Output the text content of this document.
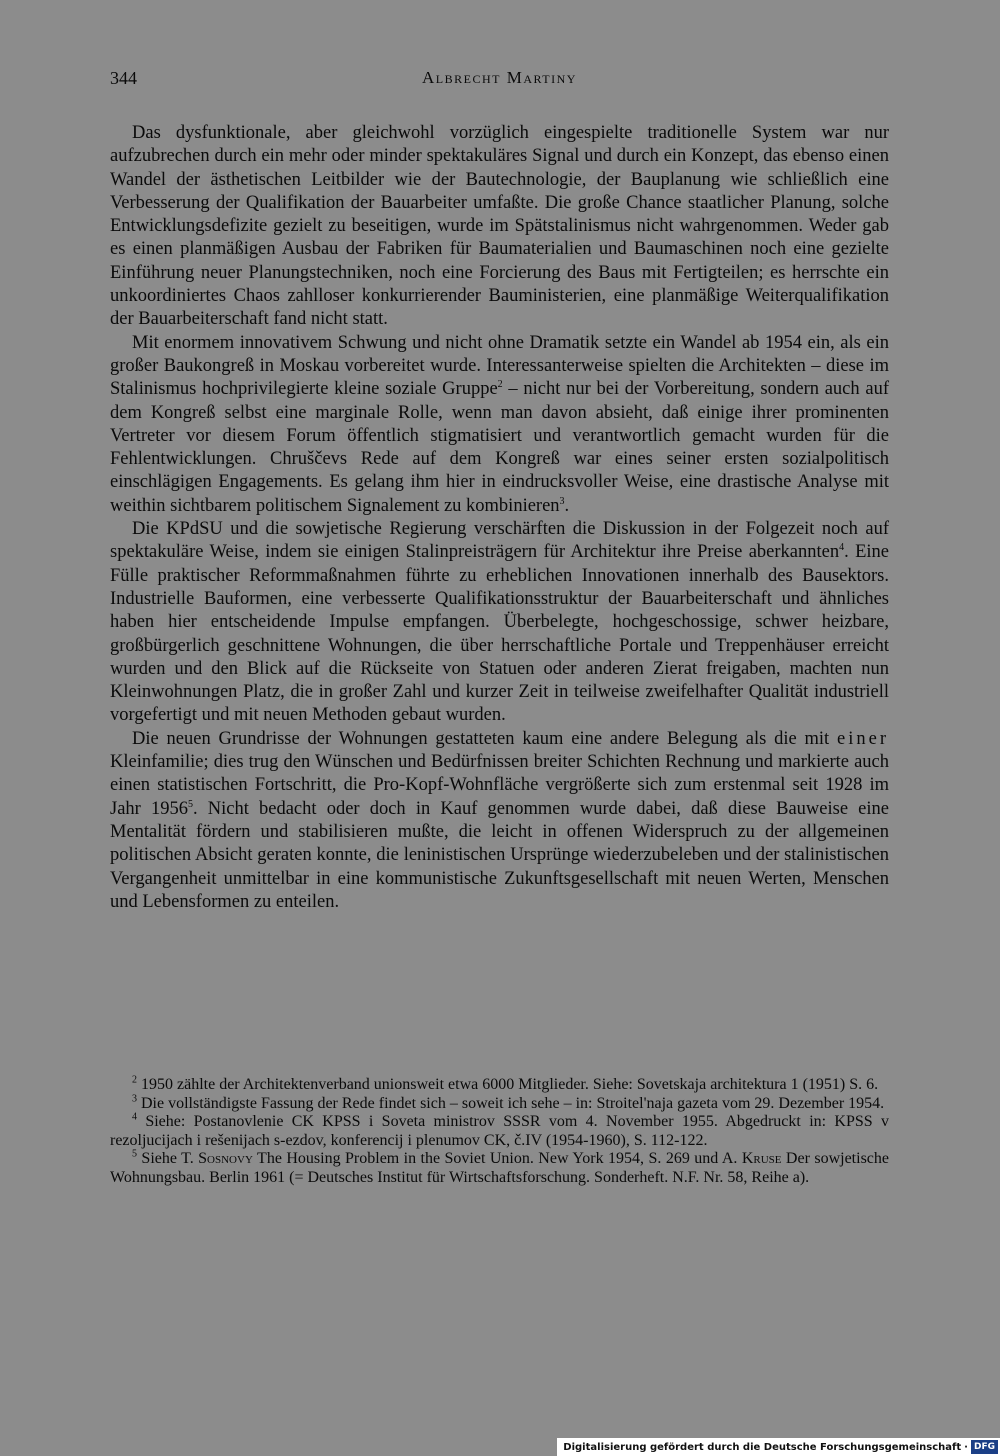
344	Albrecht Martiny

Das dysfunktionale, aber gleichwohl vorzüglich eingespielte traditionelle System war nur aufzubrechen durch ein mehr oder minder spektakuläres Signal und durch ein Konzept, das ebenso einen Wandel der ästhetischen Leitbilder wie der Bautechnologie, der Bauplanung wie schließlich eine Verbesserung der Qualifikation der Bauarbeiter umfaßte. Die große Chance staatlicher Planung, solche Entwicklungsdefizite gezielt zu beseitigen, wurde im Spätstalinismus nicht wahrgenommen. Weder gab es einen planmäßigen Ausbau der Fabriken für Baumaterialien und Baumaschinen noch eine gezielte Einführung neuer Planungstechniken, noch eine Forcierung des Baus mit Fertigteilen; es herrschte ein unkoordiniertes Chaos zahlloser konkurrierender Bauministerien, eine planmäßige Weiterqualifikation der Bauarbeiterschaft fand nicht statt.

Mit enormem innovativem Schwung und nicht ohne Dramatik setzte ein Wandel ab 1954 ein, als ein großer Baukongreß in Moskau vorbereitet wurde. Interessanterweise spielten die Architekten – diese im Stalinismus hochprivilegierte kleine soziale Gruppe$^2$ – nicht nur bei der Vorbereitung, sondern auch auf dem Kongreß selbst eine marginale Rolle, wenn man davon absieht, daß einige ihrer prominenten Vertreter vor diesem Forum öffentlich stigmatisiert und verantwortlich gemacht wurden für die Fehlentwicklungen. Chruščevs Rede auf dem Kongreß war eines seiner ersten sozialpolitisch einschlägigen Engagements. Es gelang ihm hier in eindrucksvoller Weise, eine drastische Analyse mit weithin sichtbarem politischem Signalement zu kombinieren$^3$.

Die KPdSU und die sowjetische Regierung verschärften die Diskussion in der Folgezeit noch auf spektakuläre Weise, indem sie einigen Stalinpreisträgern für Architektur ihre Preise aberkannten$^4$. Eine Fülle praktischer Reformmaßnahmen führte zu erheblichen Innovationen innerhalb des Bausektors. Industrielle Bauformen, eine verbesserte Qualifikationsstruktur der Bauarbeiterschaft und ähnliches haben hier entscheidende Impulse empfangen. Überbelegte, hochgeschossige, schwer heizbare, großbürgerlich geschnittene Wohnungen, die über herrschaftliche Portale und Treppenhäuser erreicht wurden und den Blick auf die Rückseite von Statuen oder anderen Zierat freigaben, machten nun Kleinwohnungen Platz, die in großer Zahl und kurzer Zeit in teilweise zweifelhafter Qualität industriell vorgefertigt und mit neuen Methoden gebaut wurden.

Die neuen Grundrisse der Wohnungen gestatteten kaum eine andere Belegung als die mit einer Kleinfamilie; dies trug den Wünschen und Bedürfnissen breiter Schichten Rechnung und markierte auch einen statistischen Fortschritt, die Pro-Kopf-Wohnfläche vergrößerte sich zum erstenmal seit 1928 im Jahr 1956$^5$. Nicht bedacht oder doch in Kauf genommen wurde dabei, daß diese Bauweise eine Mentalität fördern und stabilisieren mußte, die leicht in offenen Widerspruch zu der allgemeinen politischen Absicht geraten konnte, die leninistischen Ursprünge wiederzubeleben und der stalinistischen Vergangenheit unmittelbar in eine kommunistische Zukunftsgesellschaft mit neuen Werten, Menschen und Lebensformen zu enteilen.

$^2$ 1950 zählte der Architektenverband unionsweit etwa 6000 Mitglieder. Siehe: Sovetskaja architektura 1 (1951) S. 6.

$^3$ Die vollständigste Fassung der Rede findet sich – soweit ich sehe – in: Stroitel'naja gazeta vom 29. Dezember 1954.

$^4$ Siehe: Postanovlenie CK KPSS i Soveta ministrov SSSR vom 4. November 1955. Abgedruckt in: KPSS v rezoljucijach i rešenijach s-ezdov, konferencij i plenumov CK, č.IV (1954-1960), S. 112-122.

$^5$ Siehe T. Sosnovy The Housing Problem in the Soviet Union. New York 1954, S. 269 und A. Kruse Der sowjetische Wohnungsbau. Berlin 1961 (= Deutsches Institut für Wirtschaftsforschung. Sonderheft. N.F. Nr. 58, Reihe a).

Digitalisierung gefördert durch die Deutsche Forschungsgemeinschaft · DFG
